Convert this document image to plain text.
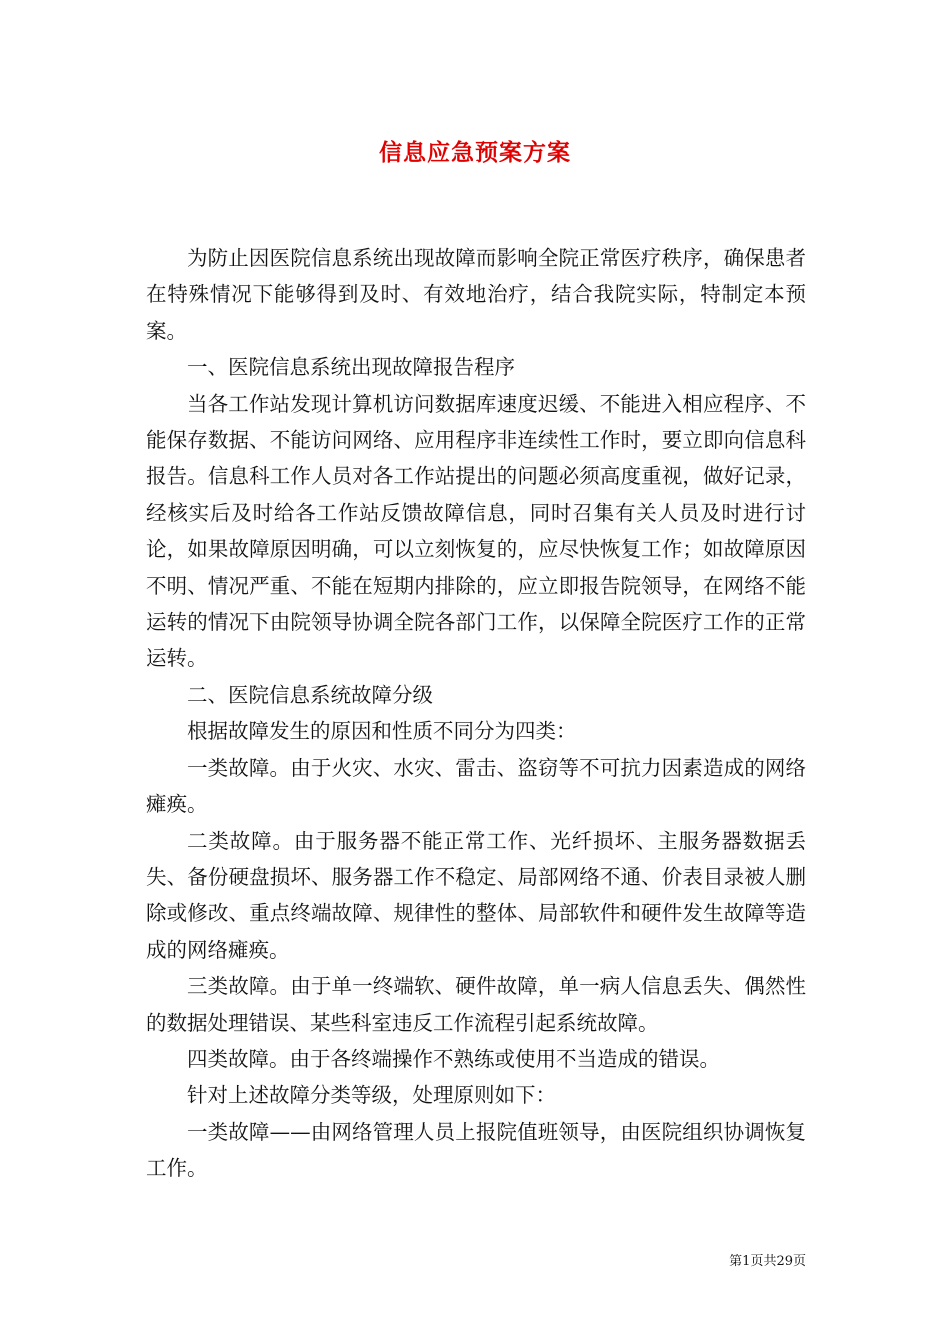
信息应急预案方案

为防止因医院信息系统出现故障而影响全院正常医疗秩序，确保患者在特殊情况下能够得到及时、有效地治疗，结合我院实际，特制定本预案。

一、医院信息系统出现故障报告程序

当各工作站发现计算机访问数据库速度迟缓、不能进入相应程序、不能保存数据、不能访问网络、应用程序非连续性工作时，要立即向信息科报告。信息科工作人员对各工作站提出的问题必须高度重视，做好记录，经核实后及时给各工作站反馈故障信息，同时召集有关人员及时进行讨论，如果故障原因明确，可以立刻恢复的，应尽快恢复工作；如故障原因不明、情况严重、不能在短期内排除的，应立即报告院领导，在网络不能运转的情况下由院领导协调全院各部门工作，以保障全院医疗工作的正常运转。

二、医院信息系统故障分级

根据故障发生的原因和性质不同分为四类：

一类故障。由于火灾、水灾、雷击、盗窃等不可抗力因素造成的网络瘫痪。

二类故障。由于服务器不能正常工作、光纤损坏、主服务器数据丢失、备份硬盘损坏、服务器工作不稳定、局部网络不通、价表目录被人删除或修改、重点终端故障、规律性的整体、局部软件和硬件发生故障等造成的网络瘫痪。

三类故障。由于单一终端软、硬件故障，单一病人信息丢失、偶然性的数据处理错误、某些科室违反工作流程引起系统故障。

四类故障。由于各终端操作不熟练或使用不当造成的错误。

针对上述故障分类等级，处理原则如下：

一类故障——由网络管理人员上报院值班领导，由医院组织协调恢复工作。

第1页共29页
